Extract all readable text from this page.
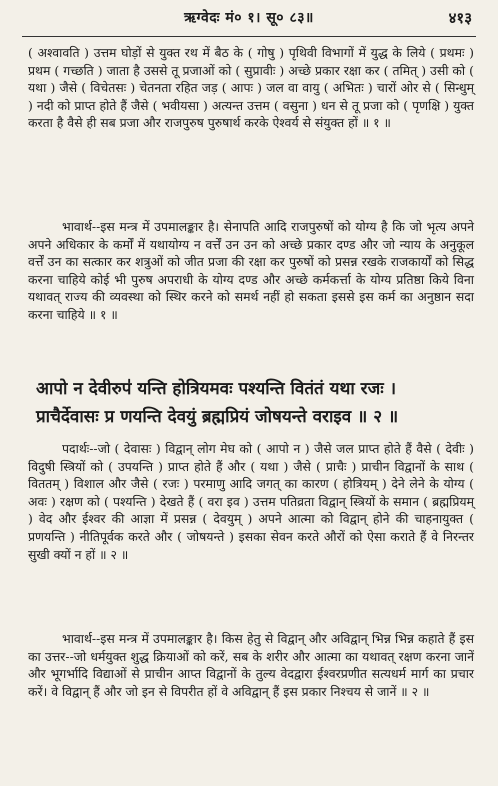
ऋग्वेदः मं० १। सू० ८३॥	४१३

( अश्वावति ) उत्तम घोड़ों से युक्त रथ में बैठ के ( गोषु ) पृथिवी विभागों में युद्ध के लिये ( प्रथमः ) प्रथम ( गच्छति ) जाता है उससे तू प्रजाओं को ( सुप्रावीः ) अच्छे प्रकार रक्षा कर ( तमित् ) उसी को ( यथा ) जैसे ( विचेतसः ) चेतनता रहित जड़ ( आपः ) जल वा वायु ( अभितः ) चारों ओर से ( सिन्धुम् ) नदी को प्राप्त होते हैं जैसे ( भवीयसा ) अत्यन्त उत्तम ( वसुना ) धन से तू प्रजा को ( पृणक्षि ) युक्त करता है वैसे ही सब प्रजा और राजपुरुष पुरुषार्थ करके ऐश्वर्य से संयुक्त हों ॥ १ ॥

भावार्थ--इस मन्त्र में उपमालङ्कार है। सेनापति आदि राजपुरुषों को योग्य है कि जो भृत्य अपने अपने अधिकार के कर्मों में यथायोग्य न वर्त्तें उन उन को अच्छे प्रकार दण्ड और जो न्याय के अनुकूल वर्त्तें उन का सत्कार कर शत्रुओं को जीत प्रजा की रक्षा कर पुरुषों को प्रसन्न रखके राजकार्यों को सिद्ध करना चाहिये कोई भी पुरुष अपराधी के योग्य दण्ड और अच्छे कर्मकर्त्ता के योग्य प्रतिष्ठा किये विना यथावत् राज्य की व्यवस्था को स्थिर करने को समर्थ नहीं हो सकता इससे इस कर्म का अनुष्ठान सदा करना चाहिये ॥ १ ॥

आपो न देवीरुप॑ यन्ति होत्रियमवः पश्यन्ति वितंतं यथा रजः ।

प्राचैर्देवासः प्र णयन्ति देवयुं ब्रह्मप्रियं जोषयन्ते वराइव ॥ २ ॥

पदार्थः--जो ( देवासः ) विद्वान् लोग मेघ को ( आपो न ) जैसे जल प्राप्त होते हैं वैसे ( देवीः ) विदुषी स्त्रियों को ( उपयन्ति ) प्राप्त होते हैं और ( यथा ) जैसे ( प्राचैः ) प्राचीन विद्वानों के साथ ( विततम् ) विशाल और जैसे ( रजः ) परमाणु आदि जगत् का कारण ( होत्रियम् ) देने लेने के योग्य ( अवः ) रक्षण को ( पश्यन्ति ) देखते हैं ( वरा इव ) उत्तम पतिव्रता विद्वान् स्त्रियों के समान ( ब्रह्मप्रियम् ) वेद और ईश्वर की आज्ञा में प्रसन्न ( देवयुम् ) अपने आत्मा को विद्वान् होने की चाहनायुक्त ( प्रणयन्ति ) नीतिपूर्वक करते और ( जोषयन्ते ) इसका सेवन करते औरों को ऐसा कराते हैं वे निरन्तर सुखी क्यों न हों ॥ २ ॥

भावार्थ--इस मन्त्र में उपमालङ्कार है। किस हेतु से विद्वान् और अविद्वान् भिन्न भिन्न कहाते हैं इस का उत्तर--जो धर्मयुक्त शुद्ध क्रियाओं को करें, सब के शरीर और आत्मा का यथावत् रक्षण करना जानें और भूगर्भादि विद्याओं से प्राचीन आप्त विद्वानों के तुल्य वेदद्वारा ईश्वरप्रणीत सत्यधर्म मार्ग का प्रचार करें। वे विद्वान् हैं और जो इन से विपरीत हों वे अविद्वान् हैं इस प्रकार निश्चय से जानें ॥ २ ॥
